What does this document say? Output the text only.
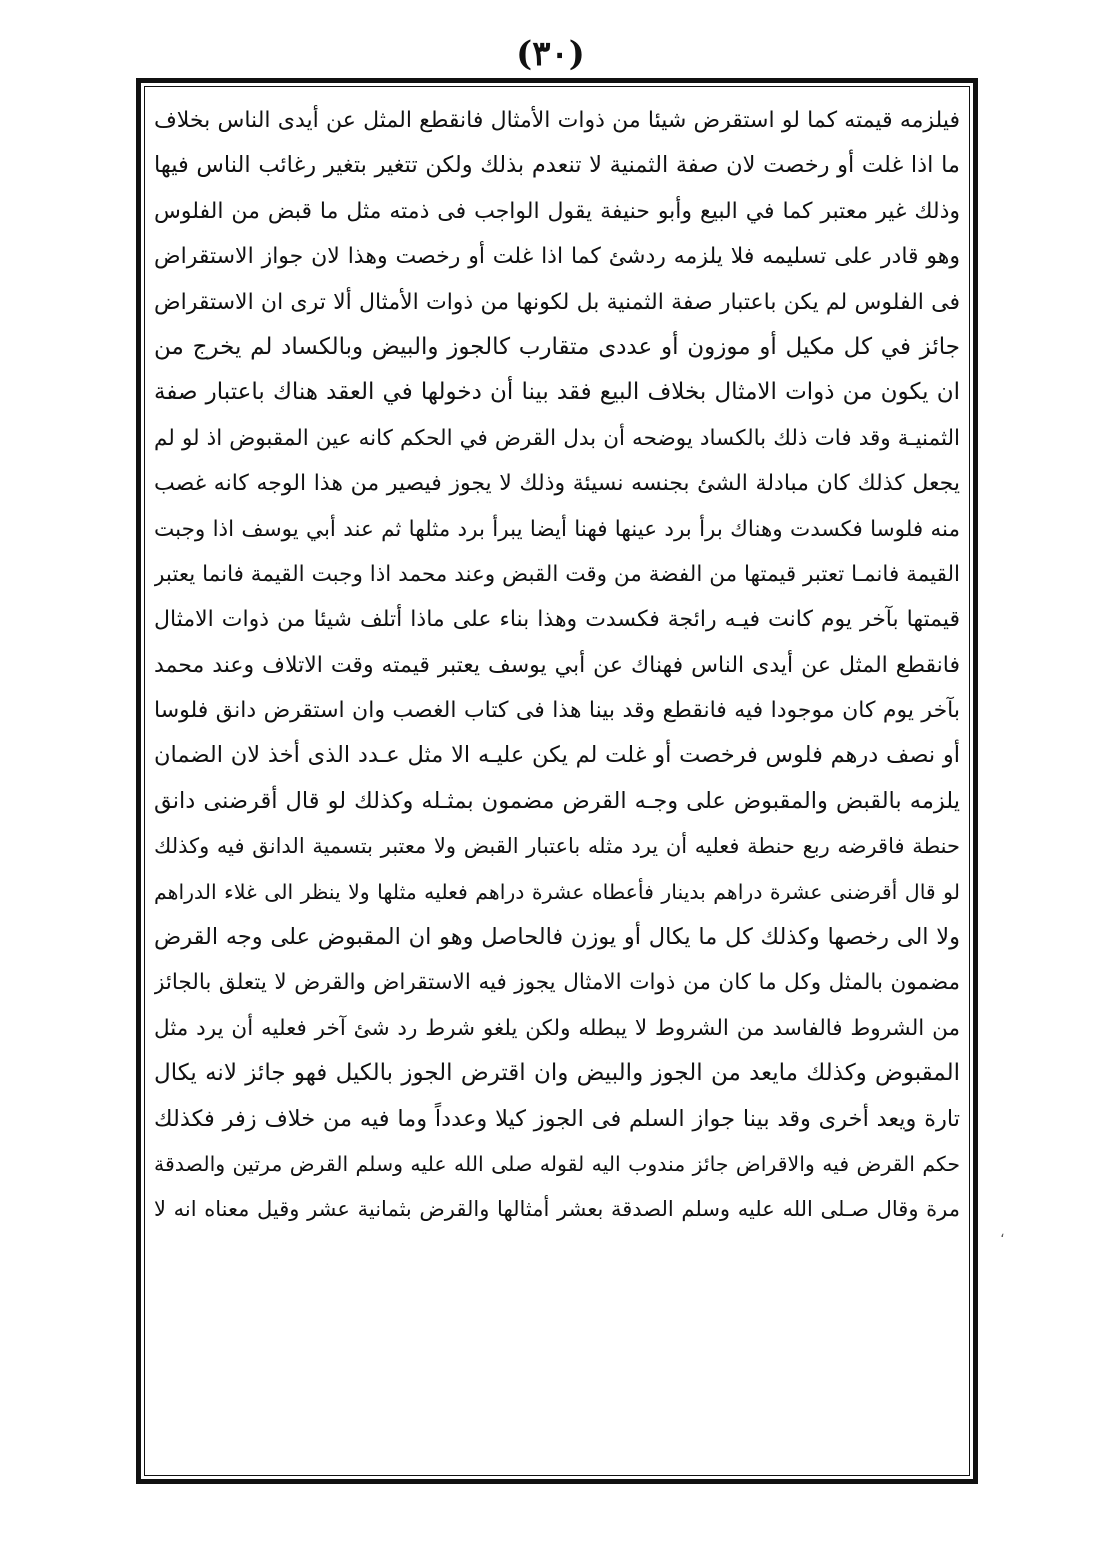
(٣٠)
فيلزمه قيمته كما لو استقرض شيئا من ذوات الأمثال فانقطع المثل عن أيدى الناس بخلاف
ما اذا غلت أو رخصت لان صفة الثمنية لا تنعدم بذلك ولكن تتغير بتغير رغائب الناس فيها
وذلك غير معتبر كما في البيع وأبو حنيفة يقول الواجب فى ذمته مثل ما قبض من الفلوس
وهو قادر على تسليمه فلا يلزمه ردشئ كما اذا غلت أو رخصت وهذا لان جواز الاستقراض
فى الفلوس لم يكن باعتبار صفة الثمنية بل لكونها من ذوات الأمثال ألا ترى ان الاستقراض
جائز في كل مكيل أو موزون أو عددى متقارب كالجوز والبيض وبالكساد لم يخرج من
ان يكون من ذوات الامثال بخلاف البيع فقد بينا أن دخولها في العقد هناك باعتبار صفة
الثمنيـة وقد فات ذلك بالكساد يوضحه أن بدل القرض في الحكم كانه عين المقبوض اذ لو لم
يجعل كذلك كان مبادلة الشئ بجنسه نسيئة وذلك لا يجوز فيصير من هذا الوجه كانه غصب
منه فلوسا فكسدت وهناك برأ برد عينها فهنا أيضا يبرأ برد مثلها ثم عند أبي يوسف اذا وجبت
القيمة فانمـا تعتبر قيمتها من الفضة من وقت القبض وعند محمد اذا وجبت القيمة فانما يعتبر
قيمتها بآخر يوم كانت فيـه رائجة فكسدت وهذا بناء على ماذا أتلف شيئا من ذوات الامثال
فانقطع المثل عن أيدى الناس فهناك عن أبي يوسف يعتبر قيمته وقت الاتلاف وعند محمد
بآخر يوم كان موجودا فيه فانقطع وقد بينا هذا فى كتاب الغصب وان استقرض دانق فلوسا
أو نصف درهم فلوس فرخصت أو غلت لم يكن عليـه الا مثل عـدد الذى أخذ لان الضمان
يلزمه بالقبض والمقبوض على وجـه القرض مضمون بمثـله وكذلك لو قال أقرضنى دانق
حنطة فاقرضه ربع حنطة فعليه أن يرد مثله باعتبار القبض ولا معتبر بتسمية الدانق فيه وكذلك
لو قال أقرضنى عشرة دراهم بدينار فأعطاه عشرة دراهم فعليه مثلها ولا ينظر الى غلاء الدراهم
ولا الى رخصها وكذلك كل ما يكال أو يوزن فالحاصل وهو ان المقبوض على وجه القرض
مضمون بالمثل وكل ما كان من ذوات الامثال يجوز فيه الاستقراض والقرض لا يتعلق بالجائز
من الشروط فالفاسد من الشروط لا يبطله ولكن يلغو شرط رد شئ آخر فعليه أن يرد مثل
المقبوض وكذلك مايعد من الجوز والبيض وان اقترض الجوز بالكيل فهو جائز لانه يكال
تارة ويعد أخرى وقد بينا جواز السلم فى الجوز كيلا وعدداً وما فيه من خلاف زفر فكذلك
حكم القرض فيه والاقراض جائز مندوب اليه لقوله صلى الله عليه وسلم القرض مرتين والصدقة
مرة وقال صـلى الله عليه وسلم الصدقة بعشر أمثالها والقرض بثمانية عشر وقيل معناه انه لا
،
